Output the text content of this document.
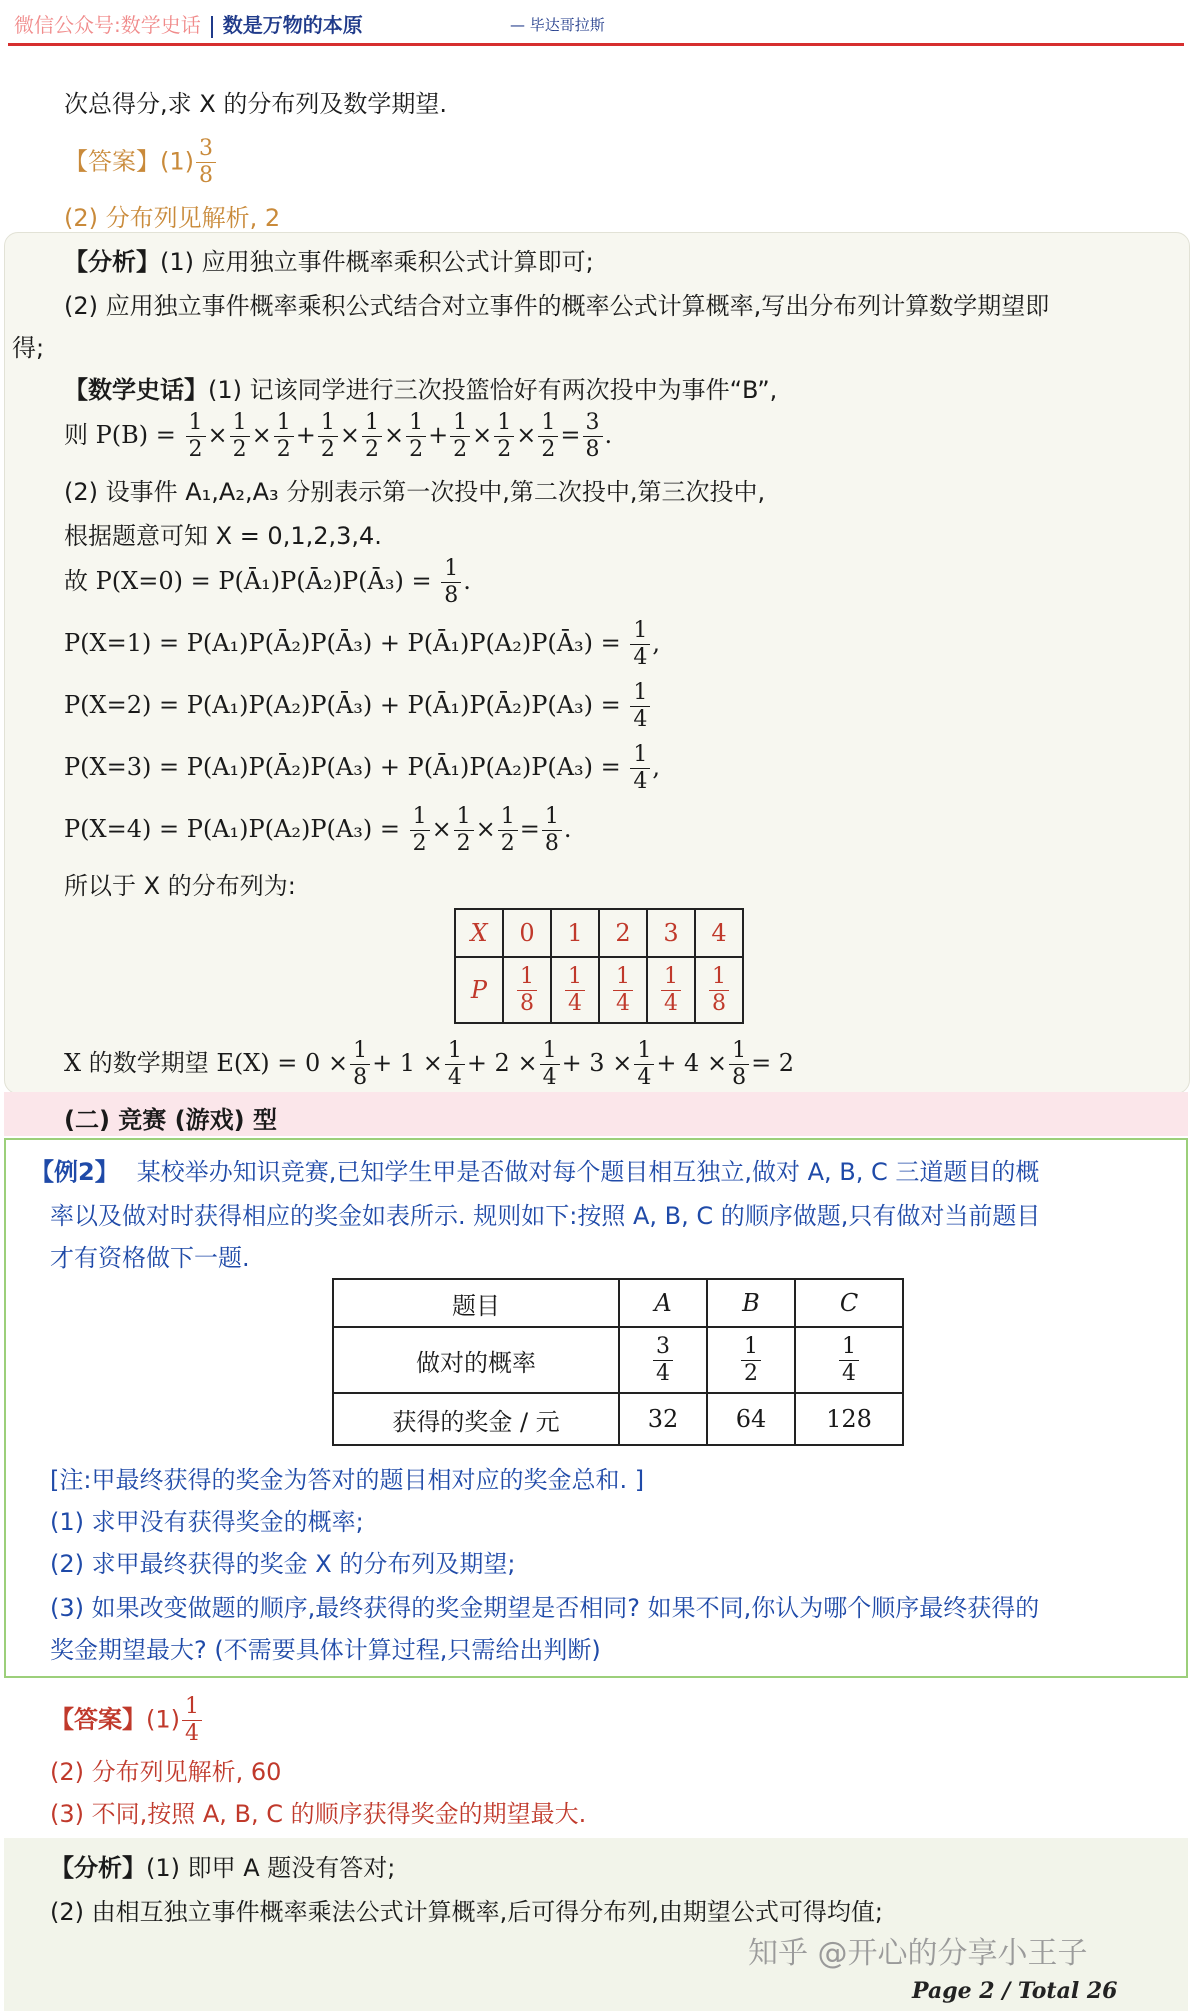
微信公众号:数学史话 数是万物的本原	— 毕达哥拉斯
次总得分,求 X 的分布列及数学期望.
【答案】$(1) \frac{3}{8}$
(2) 分布列见解析, 2
【分析】(1) 应用独立事件概率乘积公式计算即可;
(2) 应用独立事件概率乘积公式结合对立事件的概率公式计算概率,写出分布列计算数学期望即
得;
【数学史话】(1) 记该同学进行三次投篮恰好有两次投中为事件“B”,
则 $P(B) = \frac{1}{2} \times \frac{1}{2} \times \frac{1}{2} + \frac{1}{2} \times \frac{1}{2} \times \frac{1}{2} + \frac{1}{2} \times \frac{1}{2} \times \frac{1}{2} = \frac{3}{8}$ .
(2) 设事件 A₁,A₂,A₃ 分别表示第一次投中,第二次投中,第三次投中,
根据题意可知 X = 0,1,2,3,4.
故 P(X=0) = P(Ā₁)P(Ā₂)P(Ā₃) = $\frac{1}{8}$ .
P(X=1) = P(A₁)P(Ā₂)P(Ā₃) + P(Ā₁)P(A₂)P(Ā₃) = $\frac{1}{4}$ ,
P(X=2) = P(A₁)P(A₂)P(Ā₃) + P(Ā₁)P(Ā₂)P(A₃) = $\frac{1}{4}$
P(X=3) = P(A₁)P(Ā₂)P(A₃) + P(Ā₁)P(A₂)P(A₃) = $\frac{1}{4}$ ,
$P(X=4) = P(A_1)P(A_2)P(A_3) = \frac{1}{2} \times \frac{1}{2} \times \frac{1}{2} = \frac{1}{8}$ .
所以于 X 的分布列为:
X	0	1	2	3	4
P	$\frac{1}{8}$	$\frac{1}{4}$	$\frac{1}{4}$	$\frac{1}{4}$	$\frac{1}{8}$
X 的数学期望 $E(X) = 0 \times \frac{1}{8} + 1 \times \frac{1}{4} + 2 \times \frac{1}{4} + 3 \times \frac{1}{4} + 4 \times \frac{1}{8} = 2$
(二) 竞赛 (游戏) 型
【例2】 某校举办知识竞赛,已知学生甲是否做对每个题目相互独立,做对 A, B, C 三道题目的概
率以及做对时获得相应的奖金如表所示. 规则如下:按照 A, B, C 的顺序做题,只有做对当前题目
才有资格做下一题.
题目	A	B	C
做对的概率	$\frac{3}{4}$	$\frac{1}{2}$	$\frac{1}{4}$

获得的奖金 / 元	32	64	128
[注:甲最终获得的奖金为答对的题目相对应的奖金总和. ]
(1) 求甲没有获得奖金的概率;
(2) 求甲最终获得的奖金 X 的分布列及期望;
(3) 如果改变做题的顺序,最终获得的奖金期望是否相同? 如果不同,你认为哪个顺序最终获得的
奖金期望最大? (不需要具体计算过程,只需给出判断)
【答案】$(1) \frac{1}{4}$
(2) 分布列见解析, 60
(3) 不同,按照 A, B, C 的顺序获得奖金的期望最大.
【分析】(1) 即甲 A 题没有答对;
(2) 由相互独立事件概率乘法公式计算概率,后可得分布列,由期望公式可得均值;
知乎 @开心的分享小王子
Page 2 / Total 26
